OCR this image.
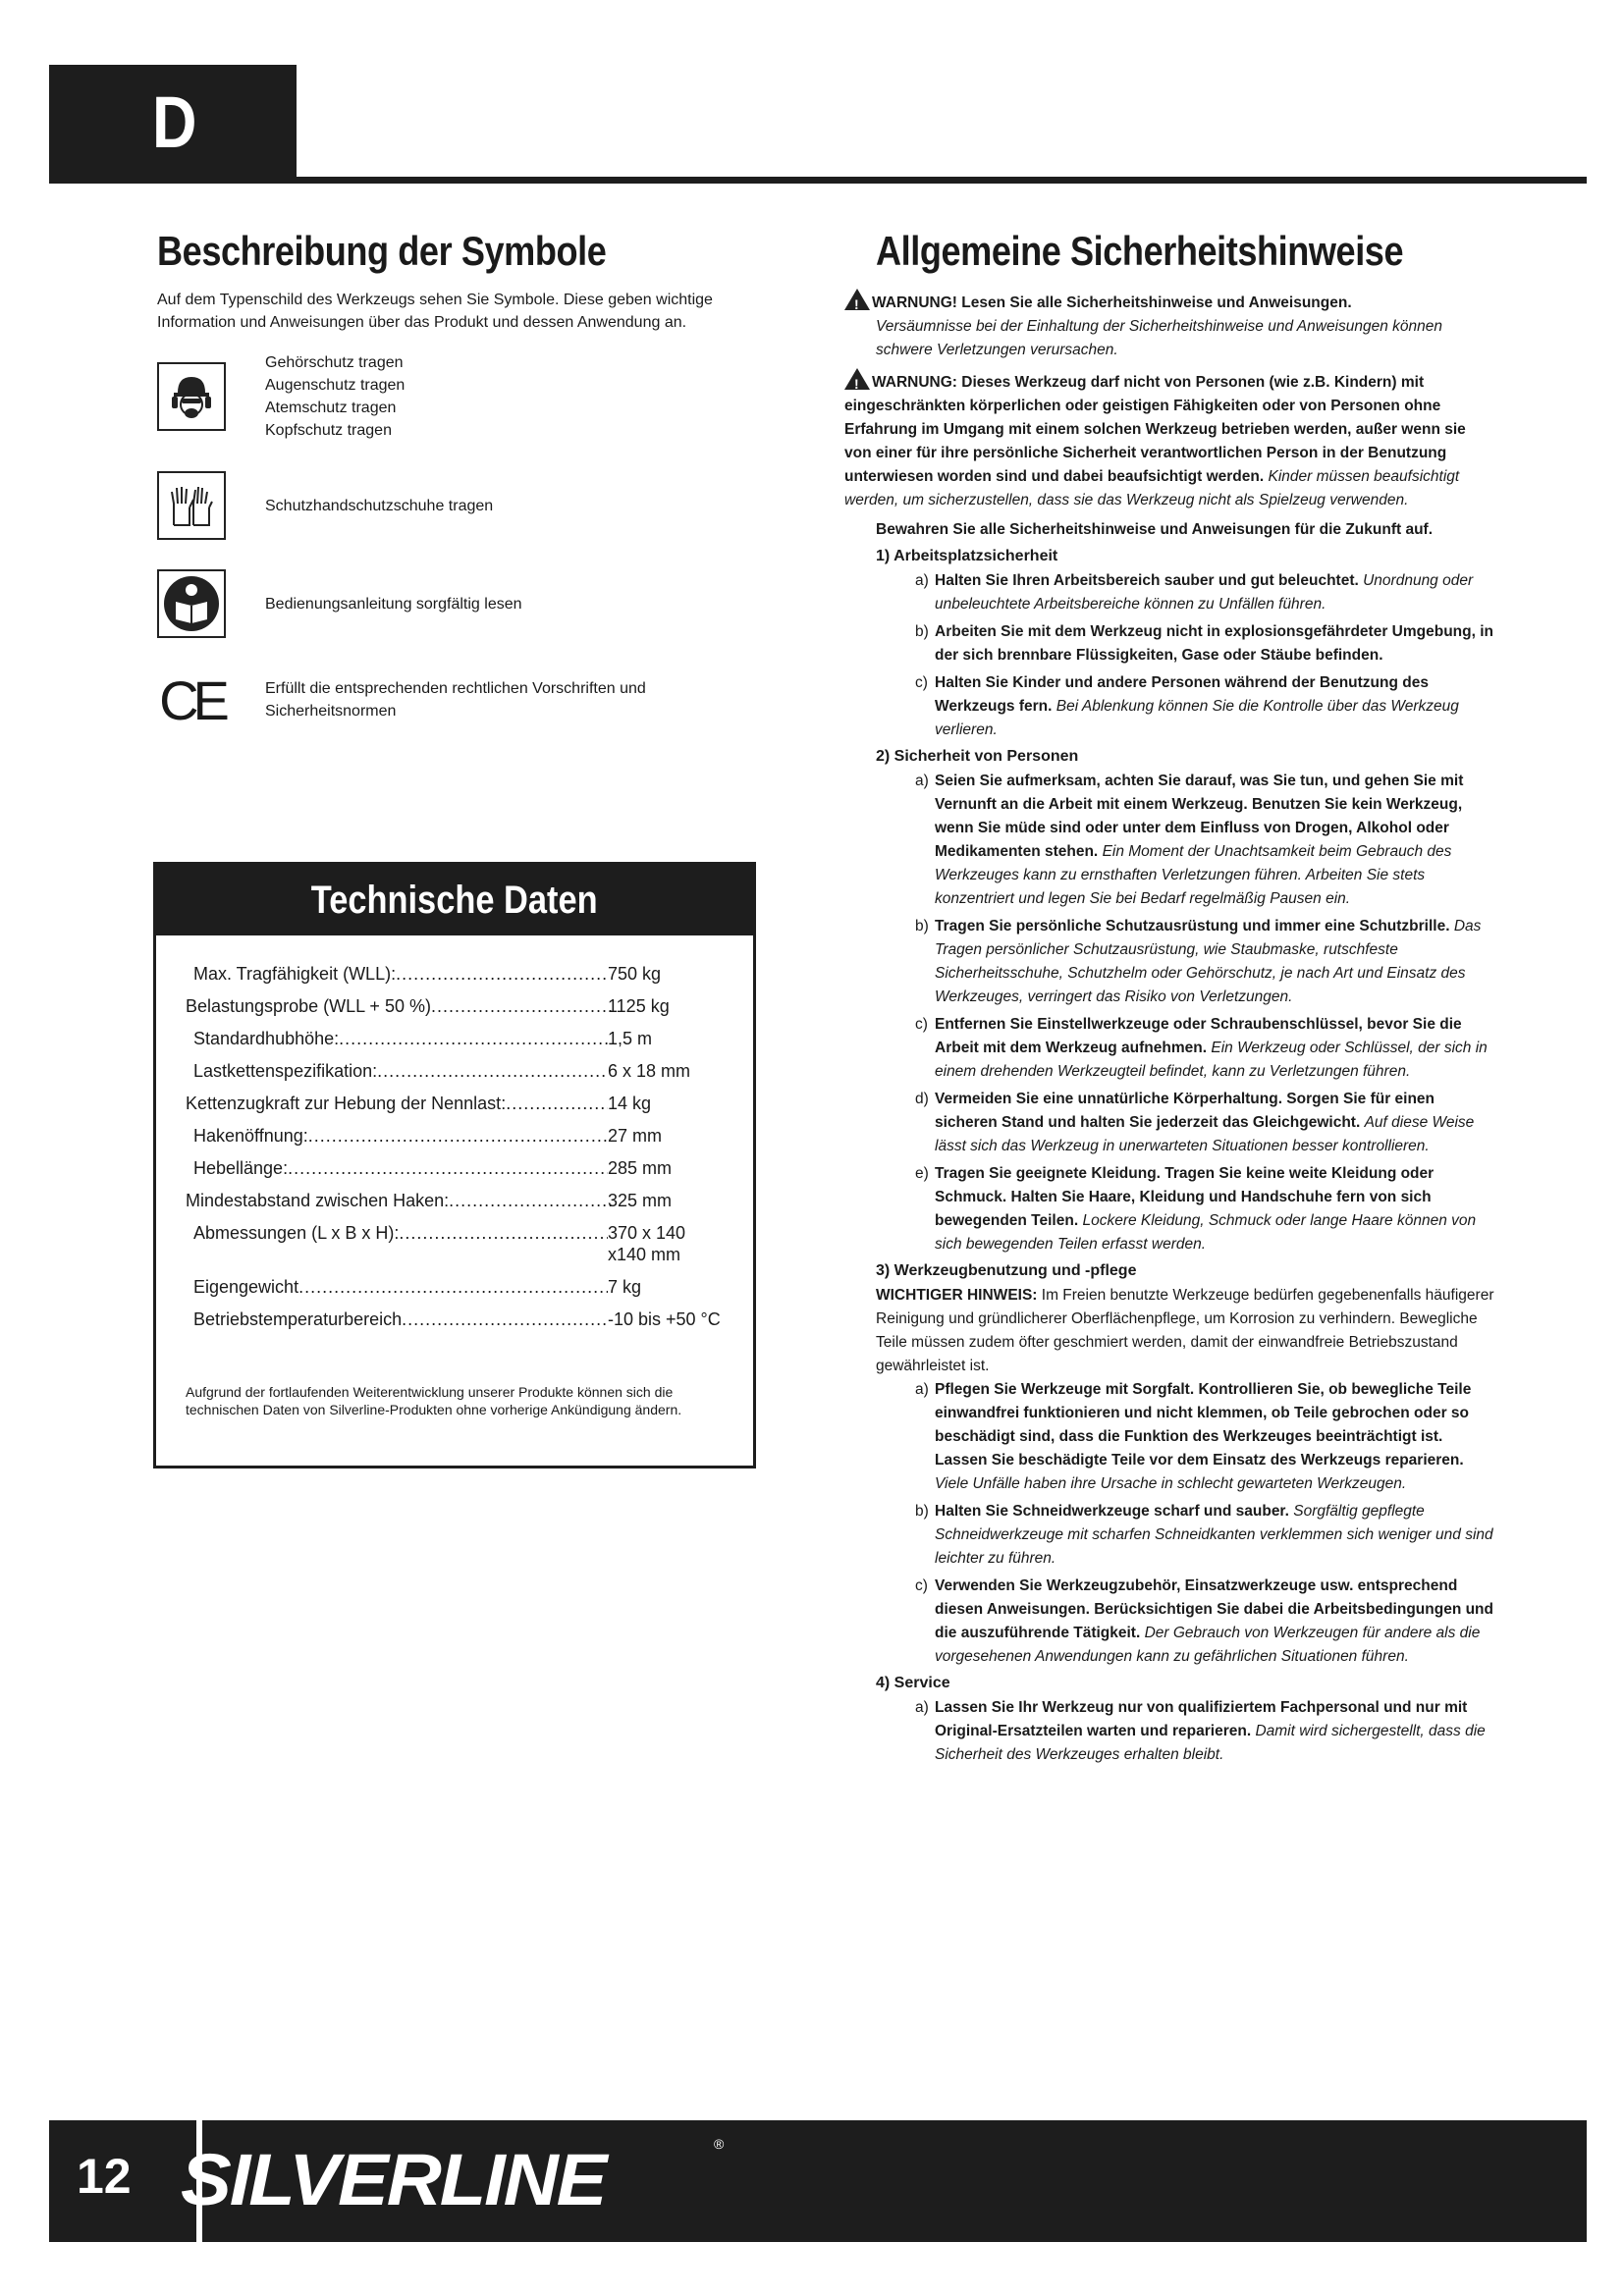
D
Beschreibung der Symbole

Auf dem Typenschild des Werkzeugs sehen Sie Symbole. Diese geben wichtige Information und Anweisungen über das Produkt und dessen Anwendung an.

Gehörschutz tragen
Augenschutz tragen
Atemschutz tragen
Kopfschutz tragen
Schutzhandschutzschuhe tragen
Bedienungsanleitung sorgfältig lesen
CE	Erfüllt die entsprechenden rechtlichen Vorschriften und
Sicherheitsnormen
Technische Daten
Max. Tragfähigkeit (WLL): .....	750 kg
Belastungsprobe (WLL + 50 %) .....	1125 kg
Standardhubhöhe: .....	1,5 m
Lastkettenspezifikation: .....	6 x 18 mm
Kettenzugkraft zur Hebung der Nennlast: .....	14 kg
Hakenöffnung: .....	27 mm
Hebellänge: .....	285 mm
Mindestabstand zwischen Haken: .....	325 mm
Abmessungen (L x B x H): .....	370 x 140
x140 mm
Eigengewicht .....	7 kg
Betriebstemperaturbereich .....	-10 bis +50 °C
Aufgrund der fortlaufenden Weiterentwicklung unserer Produkte können sich die technischen Daten von Silverline-Produkten ohne vorherige Ankündigung ändern.
Allgemeine Sicherheitshinweise
!WARNUNG! Lesen Sie alle Sicherheitshinweise und Anweisungen.
Versäumnisse bei der Einhaltung der Sicherheitshinweise und Anweisungen können schwere Verletzungen verursachen.
!WARNUNG: Dieses Werkzeug darf nicht von Personen (wie z.B. Kindern) mit eingeschränkten körperlichen oder geistigen Fähigkeiten oder von Personen ohne Erfahrung im Umgang mit einem solchen Werkzeug betrieben werden, außer wenn sie von einer für ihre persönliche Sicherheit verantwortlichen Person in der Benutzung unterwiesen worden sind und dabei beaufsichtigt werden. Kinder müssen beaufsichtigt werden, um sicherzustellen, dass sie das Werkzeug nicht als Spielzeug verwenden.

Bewahren Sie alle Sicherheitshinweise und Anweisungen für die Zukunft auf.

1) Arbeitsplatzsicherheit

a) Halten Sie Ihren Arbeitsbereich sauber und gut beleuchtet. Unordnung oder unbeleuchtete Arbeitsbereiche können zu Unfällen führen.

b) Arbeiten Sie mit dem Werkzeug nicht in explosionsgefährdeter Umgebung, in der sich brennbare Flüssigkeiten, Gase oder Stäube befinden.

c) Halten Sie Kinder und andere Personen während der Benutzung des Werkzeugs fern. Bei Ablenkung können Sie die Kontrolle über das Werkzeug verlieren.

2) Sicherheit von Personen

a) Seien Sie aufmerksam, achten Sie darauf, was Sie tun, und gehen Sie mit Vernunft an die Arbeit mit einem Werkzeug. Benutzen Sie kein Werkzeug, wenn Sie müde sind oder unter dem Einfluss von Drogen, Alkohol oder Medikamenten stehen. Ein Moment der Unachtsamkeit beim Gebrauch des Werkzeuges kann zu ernsthaften Verletzungen führen. Arbeiten Sie stets konzentriert und legen Sie bei Bedarf regelmäßig Pausen ein.

b) Tragen Sie persönliche Schutzausrüstung und immer eine Schutzbrille. Das Tragen persönlicher Schutzausrüstung, wie Staubmaske, rutschfeste Sicherheitsschuhe, Schutzhelm oder Gehörschutz, je nach Art und Einsatz des Werkzeuges, verringert das Risiko von Verletzungen.

c) Entfernen Sie Einstellwerkzeuge oder Schraubenschlüssel, bevor Sie die Arbeit mit dem Werkzeug aufnehmen. Ein Werkzeug oder Schlüssel, der sich in einem drehenden Werkzeugteil befindet, kann zu Verletzungen führen.

d) Vermeiden Sie eine unnatürliche Körperhaltung. Sorgen Sie für einen sicheren Stand und halten Sie jederzeit das Gleichgewicht. Auf diese Weise lässt sich das Werkzeug in unerwarteten Situationen besser kontrollieren.

e) Tragen Sie geeignete Kleidung. Tragen Sie keine weite Kleidung oder Schmuck. Halten Sie Haare, Kleidung und Handschuhe fern von sich bewegenden Teilen. Lockere Kleidung, Schmuck oder lange Haare können von sich bewegenden Teilen erfasst werden.

3) Werkzeugbenutzung und -pflege

WICHTIGER HINWEIS: Im Freien benutzte Werkzeuge bedürfen gegebenenfalls häufigerer Reinigung und gründlicherer Oberflächenpflege, um Korrosion zu verhindern. Bewegliche Teile müssen zudem öfter geschmiert werden, damit der einwandfreie Betriebszustand gewährleistet ist.

a) Pflegen Sie Werkzeuge mit Sorgfalt. Kontrollieren Sie, ob bewegliche Teile einwandfrei funktionieren und nicht klemmen, ob Teile gebrochen oder so beschädigt sind, dass die Funktion des Werkzeuges beeinträchtigt ist. Lassen Sie beschädigte Teile vor dem Einsatz des Werkzeugs reparieren. Viele Unfälle haben ihre Ursache in schlecht gewarteten Werkzeugen.

b) Halten Sie Schneidwerkzeuge scharf und sauber. Sorgfältig gepflegte Schneidwerkzeuge mit scharfen Schneidkanten verklemmen sich weniger und sind leichter zu führen.

c) Verwenden Sie Werkzeugzubehör, Einsatzwerkzeuge usw. entsprechend diesen Anweisungen. Berücksichtigen Sie dabei die Arbeitsbedingungen und die auszuführende Tätigkeit. Der Gebrauch von Werkzeugen für andere als die vorgesehenen Anwendungen kann zu gefährlichen Situationen führen.

4) Service

a) Lassen Sie Ihr Werkzeug nur von qualifiziertem Fachpersonal und nur mit Original-Ersatzteilen warten und reparieren. Damit wird sichergestellt, dass die Sicherheit des Werkzeuges erhalten bleibt.

12 SILVERLINE	®
